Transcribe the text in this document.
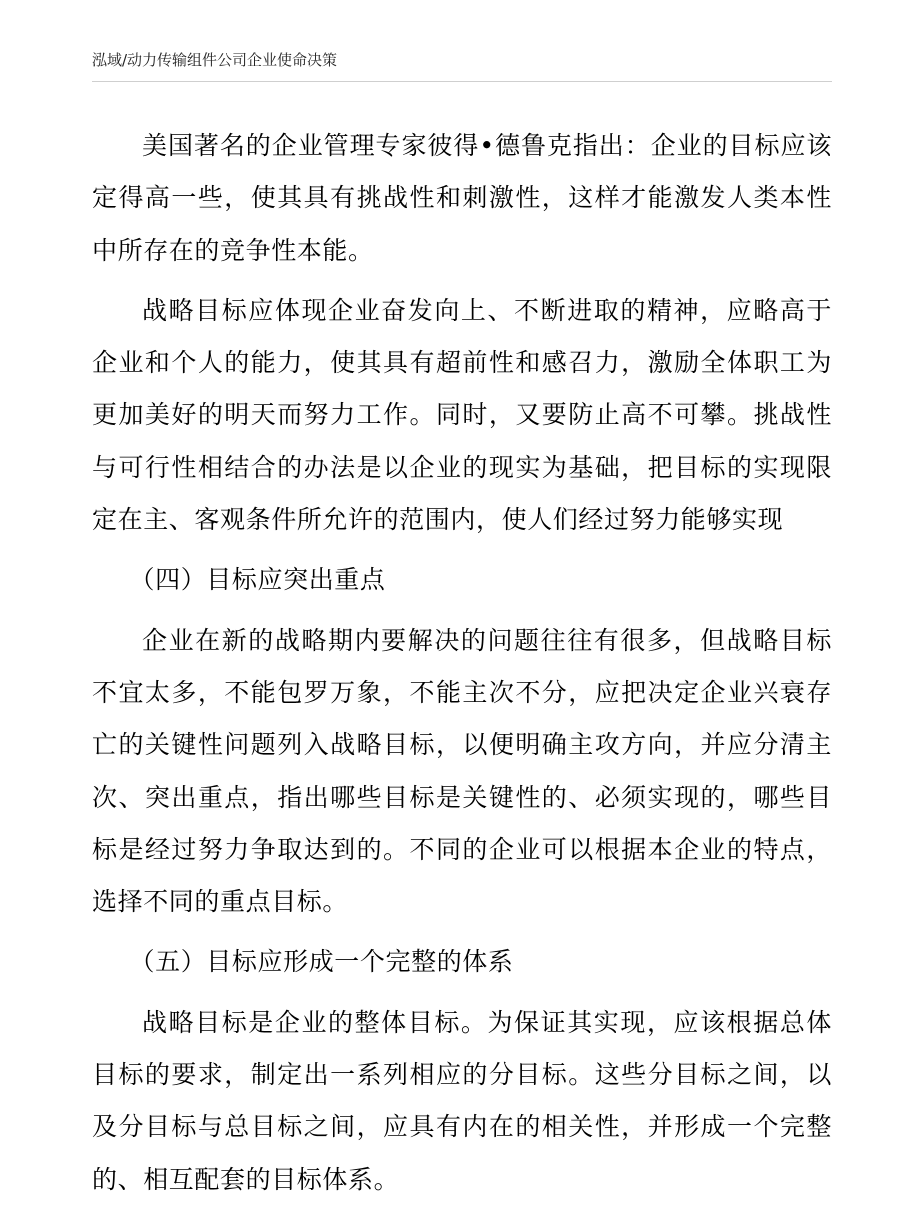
泓域/动力传输组件公司企业使命决策

美国著名的企业管理专家彼得•德鲁克指出：企业的目标应该定得高一些，使其具有挑战性和刺激性，这样才能激发人类本性中所存在的竞争性本能。

战略目标应体现企业奋发向上、不断进取的精神，应略高于企业和个人的能力，使其具有超前性和感召力，激励全体职工为更加美好的明天而努力工作。同时，又要防止高不可攀。挑战性与可行性相结合的办法是以企业的现实为基础，把目标的实现限定在主、客观条件所允许的范围内，使人们经过努力能够实现

（四）目标应突出重点

企业在新的战略期内要解决的问题往往有很多，但战略目标不宜太多，不能包罗万象，不能主次不分，应把决定企业兴衰存亡的关键性问题列入战略目标，以便明确主攻方向，并应分清主次、突出重点，指出哪些目标是关键性的、必须实现的，哪些目标是经过努力争取达到的。不同的企业可以根据本企业的特点，选择不同的重点目标。

（五）目标应形成一个完整的体系

战略目标是企业的整体目标。为保证其实现，应该根据总体目标的要求，制定出一系列相应的分目标。这些分目标之间，以及分目标与总目标之间，应具有内在的相关性，并形成一个完整的、相互配套的目标体系。
